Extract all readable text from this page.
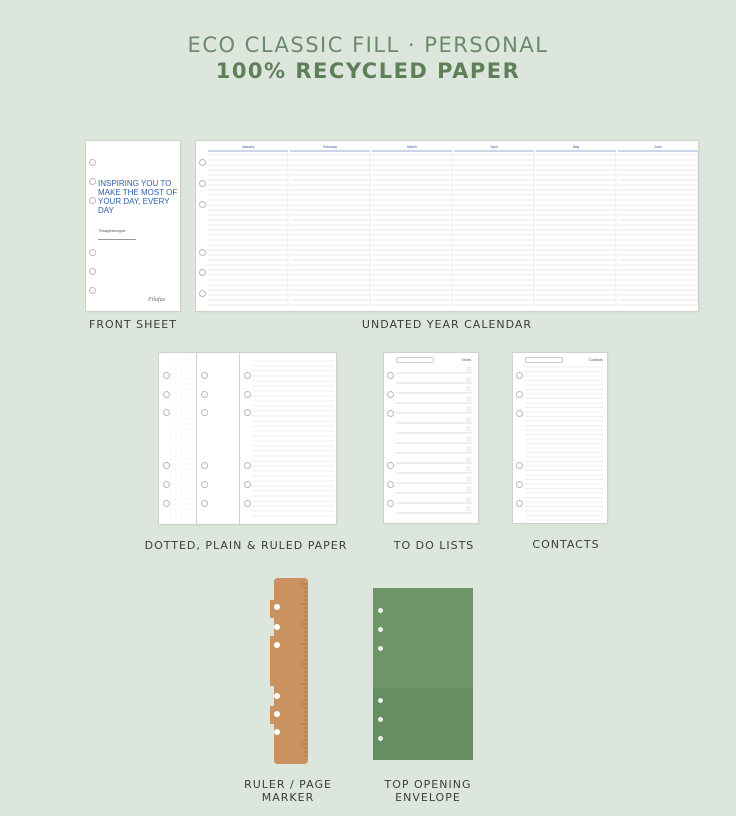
ECO CLASSIC FILL · PERSONAL
100% RECYCLED PAPER
INSPIRING YOU TO MAKE THE MOST OF YOUR DAY, EVERY DAY
Thisagebelongsto
Filofax
FRONT SHEET
January	February	March	April	May	June
UNDATED YEAR CALENDAR
DOTTED, PLAIN & RULED PAPER
Notes
TO DO LISTS
Contacts
CONTACTS
RULER / PAGE MARKER
TOP OPENING ENVELOPE
